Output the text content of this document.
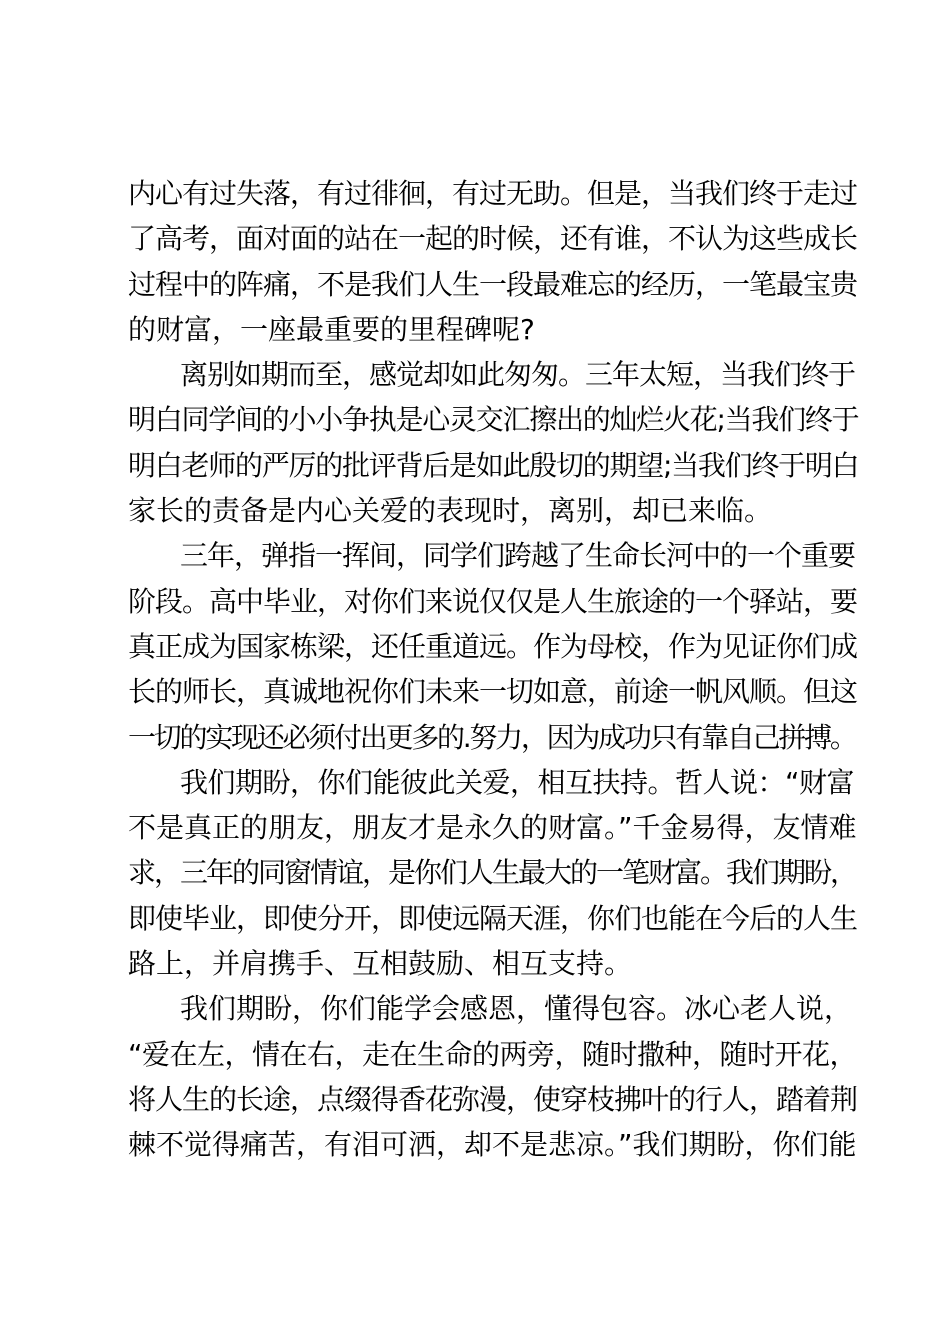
内心有过失落，有过徘徊，有过无助。但是，当我们终于走过
了高考，面对面的站在一起的时候，还有谁，不认为这些成长
过程中的阵痛，不是我们人生一段最难忘的经历，一笔最宝贵
的财富，一座最重要的里程碑呢?
离别如期而至，感觉却如此匆匆。三年太短，当我们终于
明白同学间的小小争执是心灵交汇擦出的灿烂火花;当我们终于
明白老师的严厉的批评背后是如此殷切的期望;当我们终于明白
家长的责备是内心关爱的表现时，离别，却已来临。
三年，弹指一挥间，同学们跨越了生命长河中的一个重要
阶段。高中毕业，对你们来说仅仅是人生旅途的一个驿站，要
真正成为国家栋梁，还任重道远。作为母校，作为见证你们成
长的师长，真诚地祝你们未来一切如意，前途一帆风顺。但这
一切的实现还必须付出更多的.努力，因为成功只有靠自己拼搏。
我们期盼，你们能彼此关爱，相互扶持。哲人说：“财富
不是真正的朋友，朋友才是永久的财富。”千金易得，友情难
求，三年的同窗情谊，是你们人生最大的一笔财富。我们期盼，
即使毕业，即使分开，即使远隔天涯，你们也能在今后的人生
路上，并肩携手、互相鼓励、相互支持。
我们期盼，你们能学会感恩，懂得包容。冰心老人说，
“爱在左，情在右，走在生命的两旁，随时撒种，随时开花，
将人生的长途，点缀得香花弥漫，使穿枝拂叶的行人，踏着荆
棘不觉得痛苦，有泪可洒，却不是悲凉。”我们期盼，你们能
